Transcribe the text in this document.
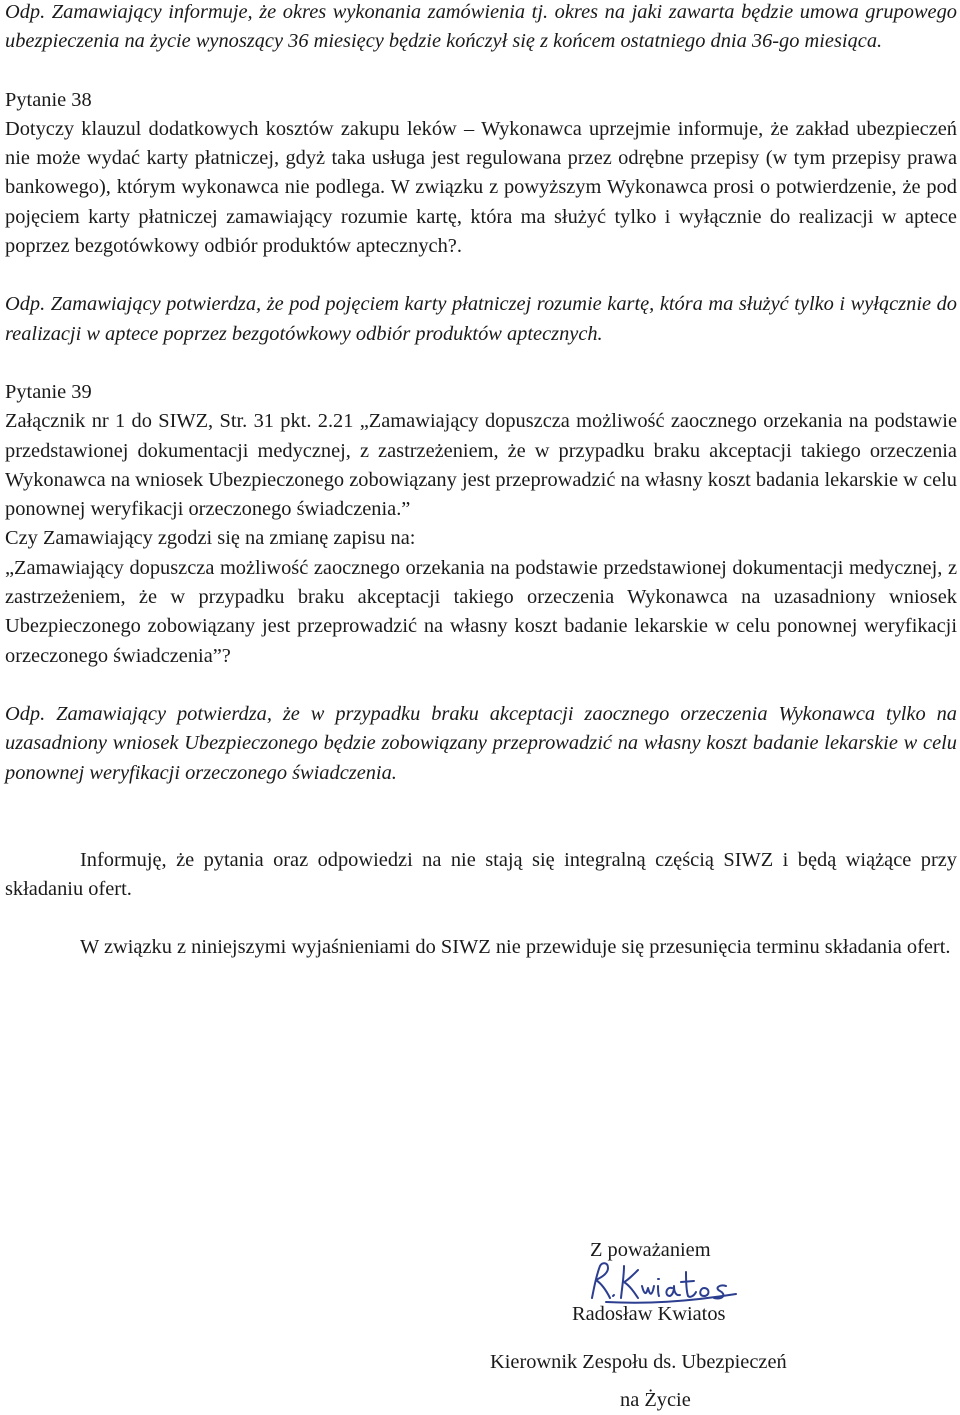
Odp. Zamawiający informuje, że okres wykonania zamówienia tj. okres na jaki zawarta będzie umowa grupowego ubezpieczenia na życie wynoszący 36 miesięcy będzie kończył się z końcem ostatniego dnia 36-go miesiąca.

Pytanie 38

Dotyczy klauzul dodatkowych kosztów zakupu leków – Wykonawca uprzejmie informuje, że zakład ubezpieczeń nie może wydać karty płatniczej, gdyż taka usługa jest regulowana przez odrębne przepisy (w tym przepisy prawa bankowego), którym wykonawca nie podlega. W związku z powyższym Wykonawca prosi o potwierdzenie, że pod pojęciem karty płatniczej zamawiający rozumie kartę, która ma służyć tylko i wyłącznie do realizacji w aptece poprzez bezgotówkowy odbiór produktów aptecznych?.

Odp. Zamawiający potwierdza, że pod pojęciem karty płatniczej rozumie kartę, która ma służyć tylko i wyłącznie do realizacji w aptece poprzez bezgotówkowy odbiór produktów aptecznych.

Pytanie 39

Załącznik nr 1 do SIWZ, Str. 31 pkt. 2.21 „Zamawiający dopuszcza możliwość zaocznego orzekania na podstawie przedstawionej dokumentacji medycznej, z zastrzeżeniem, że w przypadku braku akceptacji takiego orzeczenia Wykonawca na wniosek Ubezpieczonego zobowiązany jest przeprowadzić na własny koszt badania lekarskie w celu ponownej weryfikacji orzeczonego świadczenia.”

Czy Zamawiający zgodzi się na zmianę zapisu na:

„Zamawiający dopuszcza możliwość zaocznego orzekania na podstawie przedstawionej dokumentacji medycznej, z zastrzeżeniem, że w przypadku braku akceptacji takiego orzeczenia Wykonawca na uzasadniony wniosek Ubezpieczonego zobowiązany jest przeprowadzić na własny koszt badanie lekarskie w celu ponownej weryfikacji orzeczonego świadczenia”?

Odp. Zamawiający potwierdza, że w przypadku braku akceptacji zaocznego orzeczenia Wykonawca tylko na uzasadniony wniosek Ubezpieczonego będzie zobowiązany przeprowadzić na własny koszt badanie lekarskie w celu ponownej weryfikacji orzeczonego świadczenia.

Informuję, że pytania oraz odpowiedzi na nie stają się integralną częścią SIWZ i będą wiążące przy składaniu ofert.

W związku z niniejszymi wyjaśnieniami do SIWZ nie przewiduje się przesunięcia terminu składania ofert.

Z poważaniem
Radosław Kwiatos
Kierownik Zespołu ds. Ubezpieczeń
na Życie
